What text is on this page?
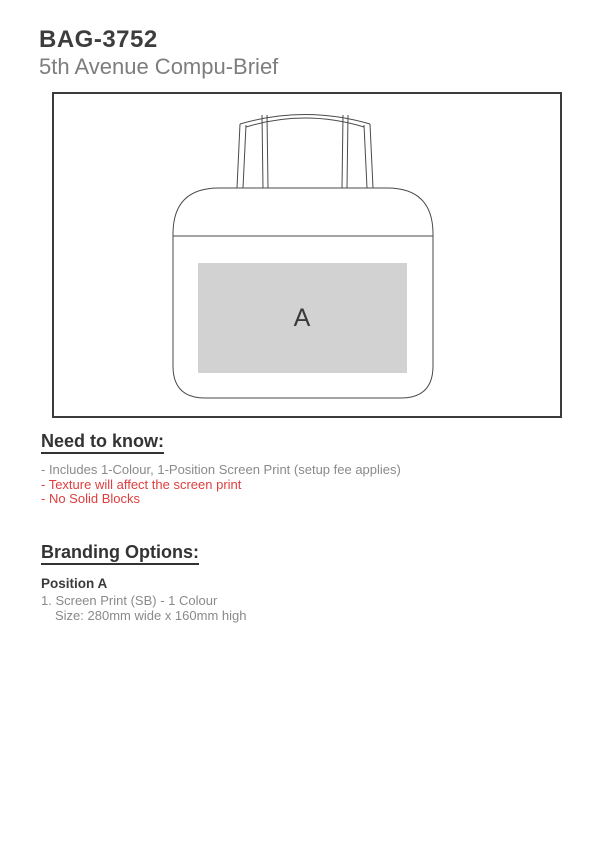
BAG-3752
5th Avenue Compu-Brief
A
Need to know:

- Includes 1-Colour, 1-Position Screen Print (setup fee applies)

- Texture will affect the screen print

- No Solid Blocks

Branding Options:

Position A

1. Screen Print (SB) - 1 Colour

Size: 280mm wide x 160mm high
